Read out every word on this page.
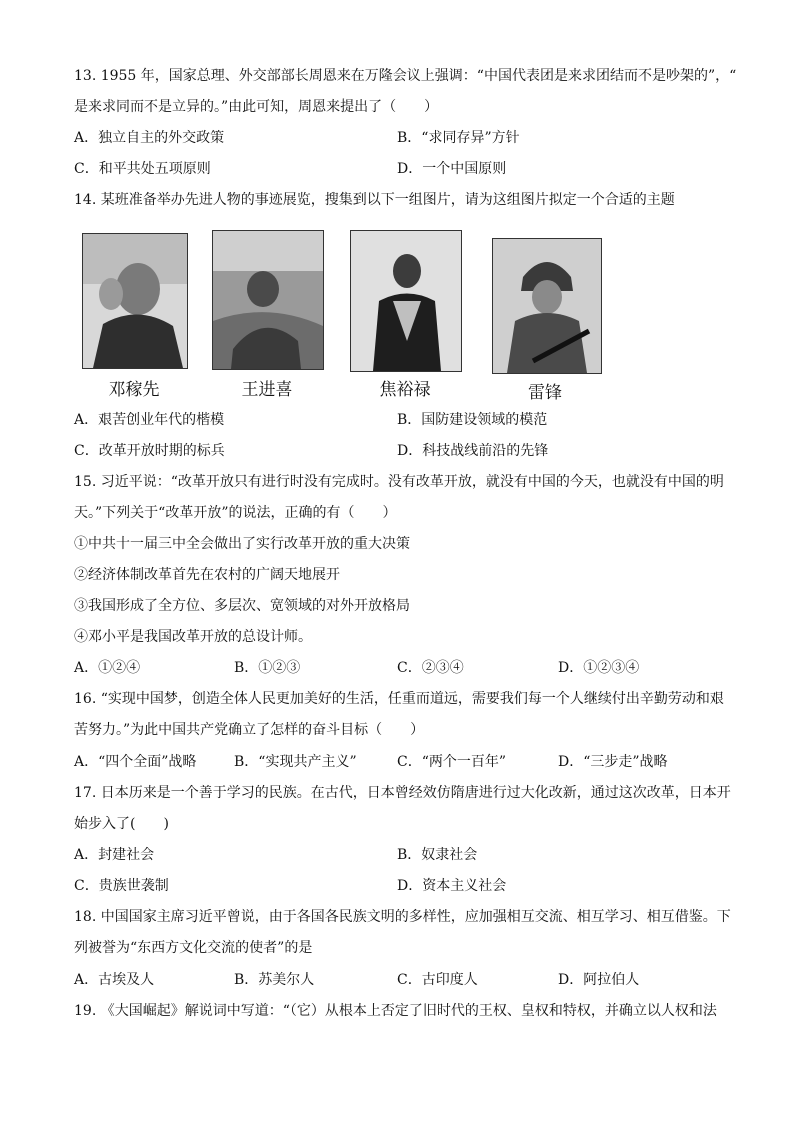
13. 1955 年，国家总理、外交部部长周恩来在万隆会议上强调：“中国代表团是来求团结而不是吵架的”，“
是来求同而不是立异的。”由此可知，周恩来提出了（　　）
A．独立自主的外交政策	B．“求同存异”方针
C．和平共处五项原则	D．一个中国原则
14. 某班准备举办先进人物的事迹展览，搜集到以下一组图片，请为这组图片拟定一个合适的主题
邓稼先	王进喜	焦裕禄	雷锋
A．艰苦创业年代的楷模	B．国防建设领域的模范
C．改革开放时期的标兵	D．科技战线前沿的先锋
15. 习近平说：“改革开放只有进行时没有完成时。没有改革开放，就没有中国的今天，也就没有中国的明
天。”下列关于“改革开放”的说法，正确的有（　　）
①中共十一届三中全会做出了实行改革开放的重大决策
②经济体制改革首先在农村的广阔天地展开
③我国形成了全方位、多层次、宽领域的对外开放格局
④邓小平是我国改革开放的总设计师。
A．①②④	B．①②③	C．②③④	D．①②③④
16. “实现中国梦，创造全体人民更加美好的生活，任重而道远，需要我们每一个人继续付出辛勤劳动和艰
苦努力。”为此中国共产党确立了怎样的奋斗目标（　　）
A．“四个全面”战略	B．“实现共产主义”	C．“两个一百年”	D．“三步走”战略
17. 日本历来是一个善于学习的民族。在古代，日本曾经效仿隋唐进行过大化改新，通过这次改革，日本开
始步入了(　　)
A．封建社会	B．奴隶社会
C．贵族世袭制	D．资本主义社会
18. 中国国家主席习近平曾说，由于各国各民族文明的多样性，应加强相互交流、相互学习、相互借鉴。下
列被誉为“东西方文化交流的使者”的是
A．古埃及人	B．苏美尔人	C．古印度人	D．阿拉伯人
19. 《大国崛起》解说词中写道：“（它）从根本上否定了旧时代的王权、皇权和特权，并确立以人权和法
